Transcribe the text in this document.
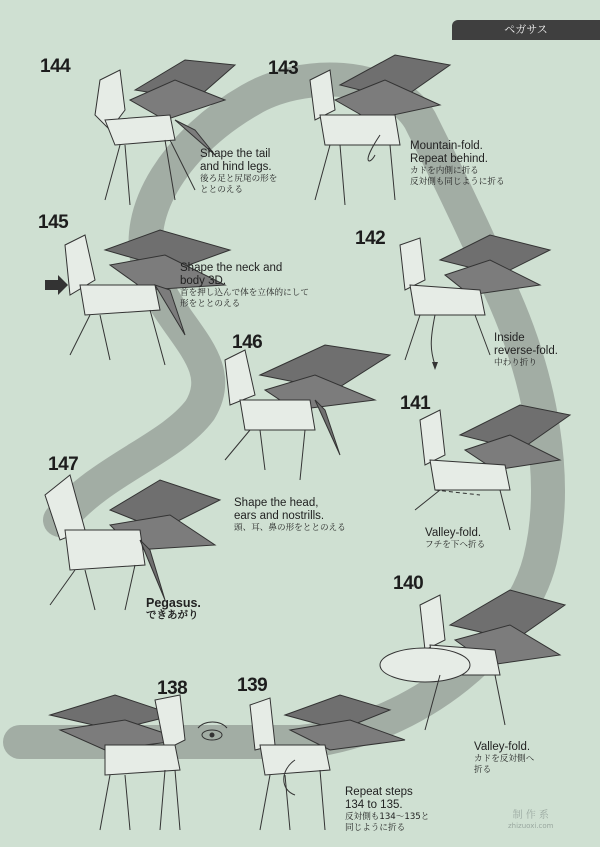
ペガサス
144
Shape the tail
and hind legs.
後ろ足と尻尾の形を
ととのえる
143
Mountain-fold.
Repeat behind.
カドを内側に折る
反対側も同じように折る
145
Shape the neck and
body 3D.
首を押し込んで体を立体的にして
形をととのえる
142
Inside
reverse-fold.
中わり折り
146
Shape the head,
ears and nostrills.
頭、耳、鼻の形をととのえる
141
Valley-fold.
フチを下へ折る
147
Pegasus.
できあがり
140
Valley-fold.
カドを反対側へ
折る
138	139
Repeat steps
134 to 135.
反対側も134〜135と
同じように折る
制 作 系
zhizuoxi.com
